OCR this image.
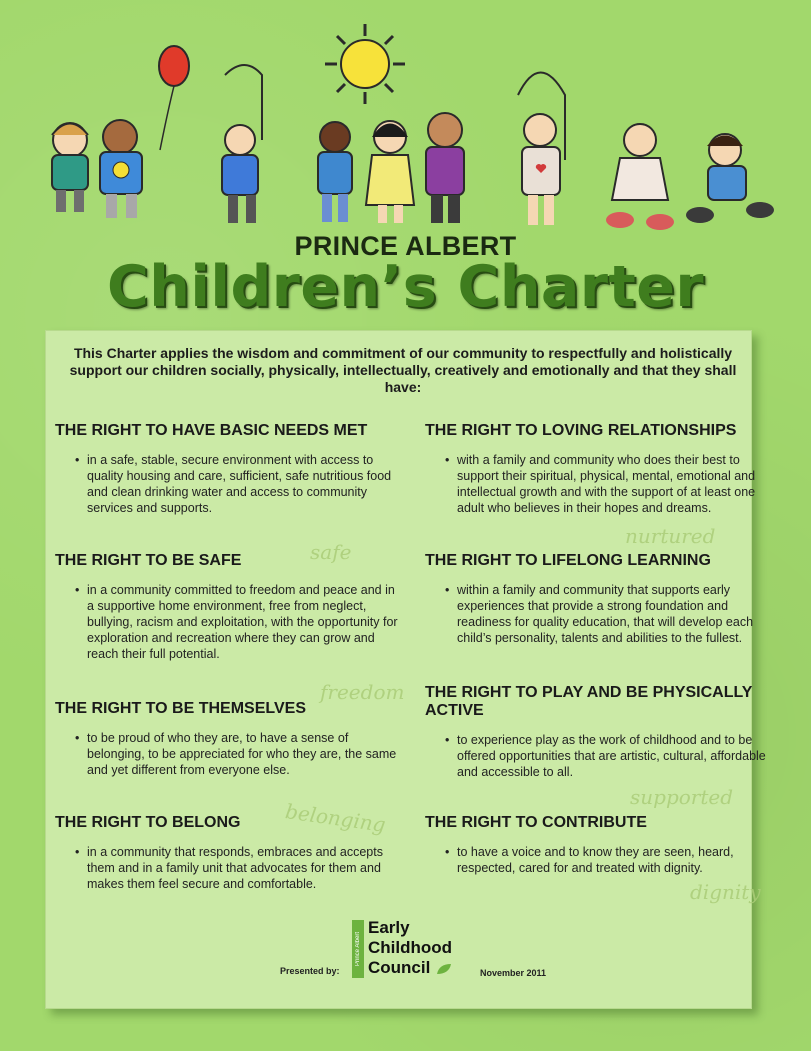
PRINCE ALBERT
Children’s Charter
safe
freedom
belonging
nurtured
supported
dignity
This Charter applies the wisdom and commitment of our community to respectfully and holistically support our children socially, physically, intellectually, creatively and emotionally and that they shall have:
THE RIGHT TO HAVE BASIC NEEDS MET
• in a safe, stable, secure environment with access to quality housing and care, sufficient, safe nutritious food and clean drinking water and access to community services and supports.
THE RIGHT TO BE SAFE
• in a community committed to freedom and peace and in a supportive home environment, free from neglect, bullying, racism and exploitation, with the opportunity for exploration and recreation where they can grow and reach their full potential.
THE RIGHT TO BE THEMSELVES
• to be proud of who they are, to have a sense of belonging, to be appreciated for who they are, the same and yet different from everyone else.
THE RIGHT TO BELONG
• in a community that responds, embraces and accepts them and in a family unit that advocates for them and makes them feel secure and comfortable.
THE RIGHT TO LOVING RELATIONSHIPS
• with a family and community who does their best to support their spiritual, physical, mental, emotional and intellectual growth and with the support of at least one adult who believes in their hopes and dreams.
THE RIGHT TO LIFELONG LEARNING
• within a family and community that supports early experiences that provide a strong foundation and readiness for quality education, that will develop each child’s personality, talents and abilities to the fullest.
THE RIGHT TO PLAY AND BE PHYSICALLY ACTIVE
• to experience play as the work of childhood and to be offered opportunities that are artistic, cultural, affordable and accessible to all.
THE RIGHT TO CONTRIBUTE
• to have a voice and to know they are seen, heard, respected, cared for and treated with dignity.
Presented by:
Prince Albert
Early
Childhood
Council	November 2011
